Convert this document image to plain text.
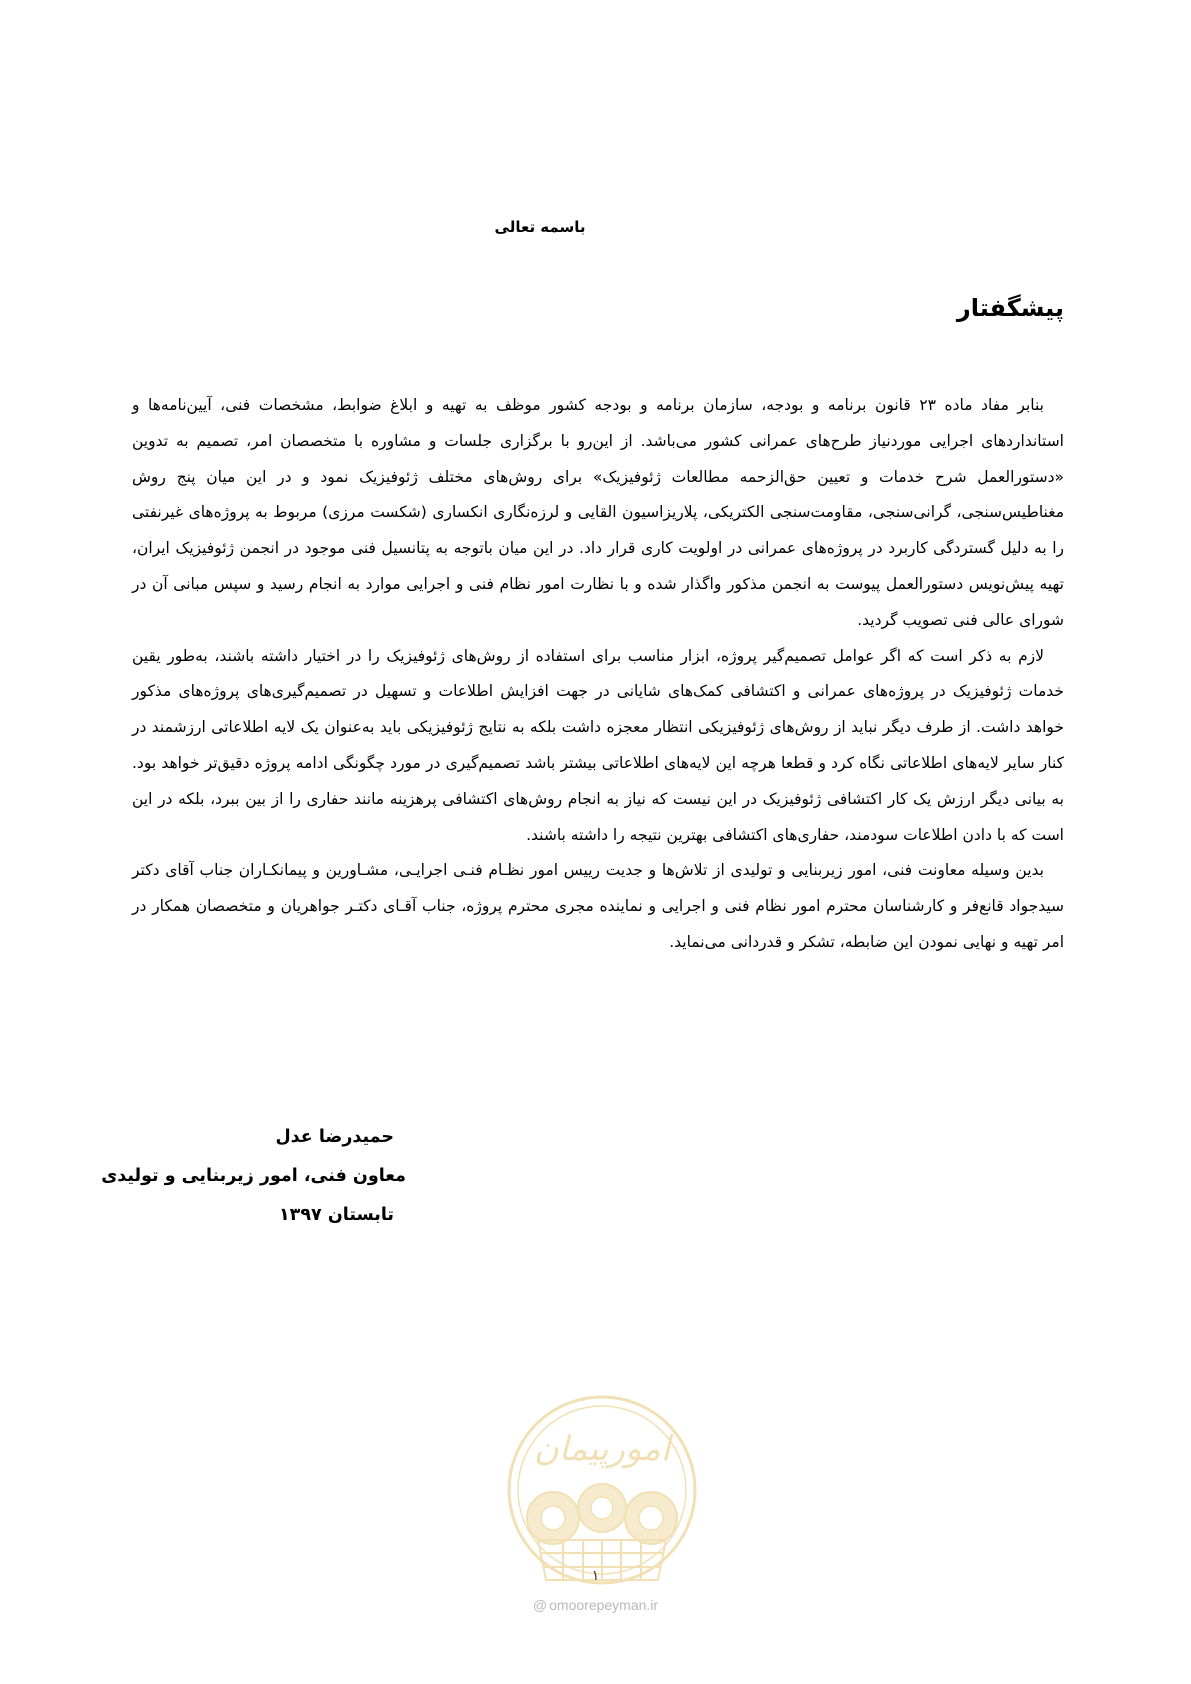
باسمه تعالی
پیشگفتار

بنابر مفاد ماده ۲۳ قانون برنامه و بودجه، سازمان برنامه و بودجه کشور موظف به تهیه و ابلاغ ضوابط، مشخصات فنی، آیین‌نامه‌ها و استانداردهای اجرایی موردنیاز طرح‌های عمرانی کشور می‌باشد. از این‌رو با برگزاری جلسات و مشاوره با متخصصان امر، تصمیم به تدوین «دستورالعمل شرح خدمات و تعیین حق‌الزحمه مطالعات ژئوفیزیک» برای روش‌های مختلف ژئوفیزیک نمود و در این میان پنج روش مغناطیس‌سنجی، گرانی‌سنجی، مقاومت‌سنجی الکتریکی، پلاریزاسیون القایی و لرزه‌نگاری انکساری (شکست مرزی) مربوط به پروژه‌های غیرنفتی را به دلیل گستردگی کاربرد در پروژه‌های عمرانی در اولویت کاری قرار داد. در این میان باتوجه به پتانسیل فنی موجود در انجمن ژئوفیزیک ایران، تهیه پیش‌نویس دستورالعمل پیوست به انجمن مذکور واگذار شده و با نظارت امور نظام فنی و اجرایی موارد به انجام رسید و سپس مبانی آن در شورای عالی فنی تصویب گردید.

لازم به ذکر است که اگر عوامل تصمیم‌گیر پروژه، ابزار مناسب برای استفاده از روش‌های ژئوفیزیک را در اختیار داشته باشند، به‌طور یقین خدمات ژئوفیزیک در پروژه‌های عمرانی و اکتشافی کمک‌های شایانی در جهت افزایش اطلاعات و تسهیل در تصمیم‌گیری‌های پروژه‌های مذکور خواهد داشت. از طرف دیگر نباید از روش‌های ژئوفیزیکی انتظار معجزه داشت بلکه به نتایج ژئوفیزیکی باید به‌عنوان یک لایه اطلاعاتی ارزشمند در کنار سایر لایه‌های اطلاعاتی نگاه کرد و قطعا هرچه این لایه‌های اطلاعاتی بیشتر باشد تصمیم‌گیری در مورد چگونگی ادامه پروژه دقیق‌تر خواهد بود. به بیانی دیگر ارزش یک کار اکتشافی ژئوفیزیک در این نیست که نیاز به انجام روش‌های اکتشافی پرهزینه مانند حفاری را از بین ببرد، بلکه در این است که با دادن اطلاعات سودمند، حفاری‌های اکتشافی بهترین نتیجه را داشته باشند.

بدین وسیله معاونت فنی، امور زیربنایی و تولیدی از تلاش‌ها و جدیت رییس امور نظـام فنـی اجرایـی، مشـاورین و پیمانکـاران جناب آقای دکتر سیدجواد قانع‌فر و کارشناسان محترم امور نظام فنی و اجرایی و نماینده مجری محترم پروژه، جناب آقـای دکتـر جواهریان و متخصصان همکار در امر تهیه و نهایی نمودن این ضابطه، تشکر و قدردانی می‌نماید.

حمیدرضا عدل
معاون فنی، امور زیربنایی و تولیدی
تابستان ۱۳۹۷
امورپیمان
۱
@ omoorepeyman.ir
